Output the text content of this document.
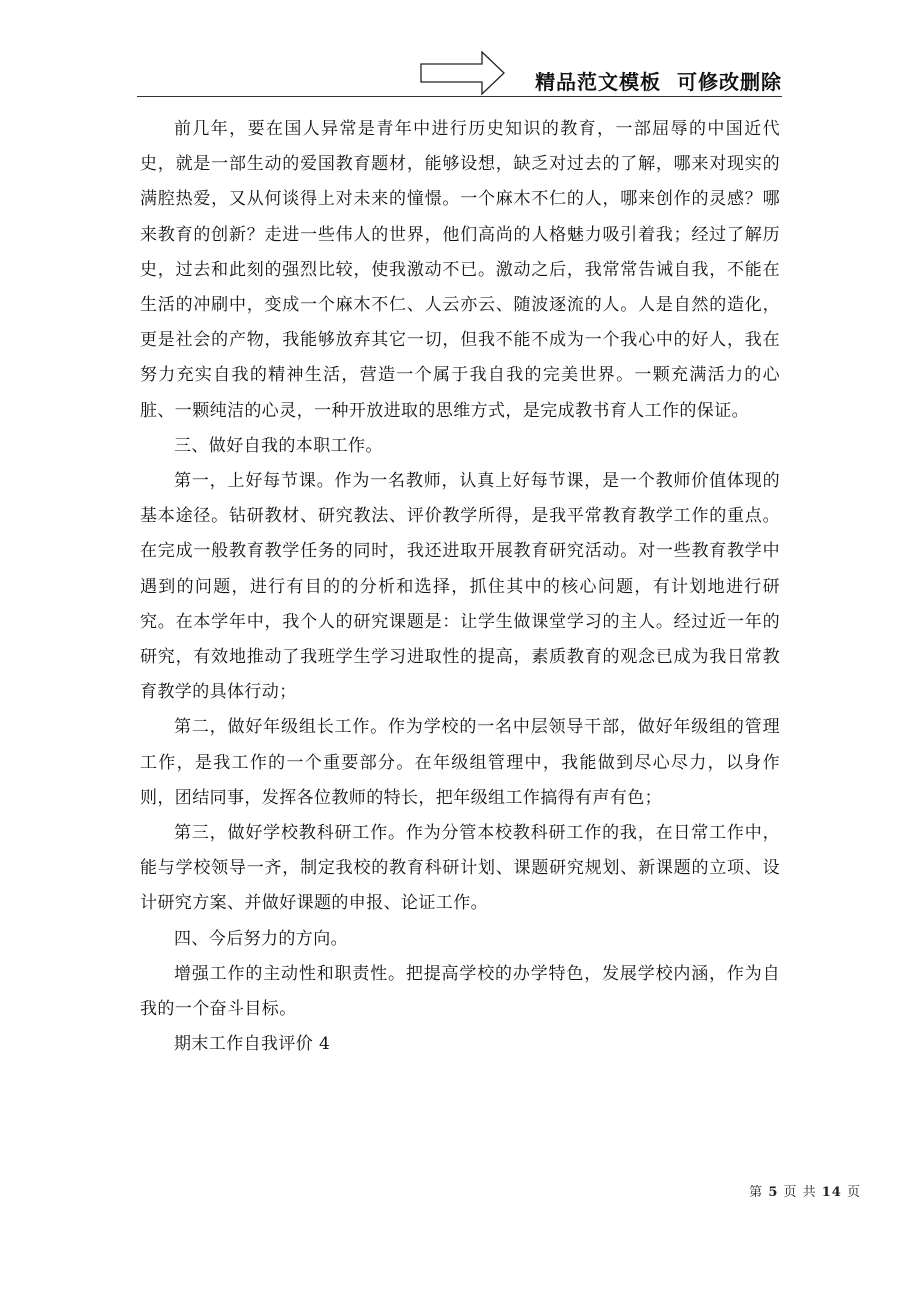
精品范文模板  可修改删除

前几年，要在国人异常是青年中进行历史知识的教育，一部屈辱的中国近代史，就是一部生动的爱国教育题材，能够设想，缺乏对过去的了解，哪来对现实的满腔热爱，又从何谈得上对未来的憧憬。一个麻木不仁的人，哪来创作的灵感？哪来教育的创新？走进一些伟人的世界，他们高尚的人格魅力吸引着我；经过了解历史，过去和此刻的强烈比较，使我激动不已。激动之后，我常常告诫自我，不能在生活的冲刷中，变成一个麻木不仁、人云亦云、随波逐流的人。人是自然的造化，更是社会的产物，我能够放弃其它一切，但我不能不成为一个我心中的好人，我在努力充实自我的精神生活，营造一个属于我自我的完美世界。一颗充满活力的心脏、一颗纯洁的心灵，一种开放进取的思维方式，是完成教书育人工作的保证。

三、做好自我的本职工作。

第一，上好每节课。作为一名教师，认真上好每节课，是一个教师价值体现的基本途径。钻研教材、研究教法、评价教学所得，是我平常教育教学工作的重点。在完成一般教育教学任务的同时，我还进取开展教育研究活动。对一些教育教学中遇到的问题，进行有目的的分析和选择，抓住其中的核心问题，有计划地进行研究。在本学年中，我个人的研究课题是：让学生做课堂学习的主人。经过近一年的研究，有效地推动了我班学生学习进取性的提高，素质教育的观念已成为我日常教育教学的具体行动；

第二，做好年级组长工作。作为学校的一名中层领导干部，做好年级组的管理工作，是我工作的一个重要部分。在年级组管理中，我能做到尽心尽力，以身作则，团结同事，发挥各位教师的特长，把年级组工作搞得有声有色；

第三，做好学校教科研工作。作为分管本校教科研工作的我，在日常工作中，能与学校领导一齐，制定我校的教育科研计划、课题研究规划、新课题的立项、设计研究方案、并做好课题的申报、论证工作。

四、今后努力的方向。

增强工作的主动性和职责性。把提高学校的办学特色，发展学校内涵，作为自我的一个奋斗目标。

期末工作自我评价 4

第 5 页 共 14 页
